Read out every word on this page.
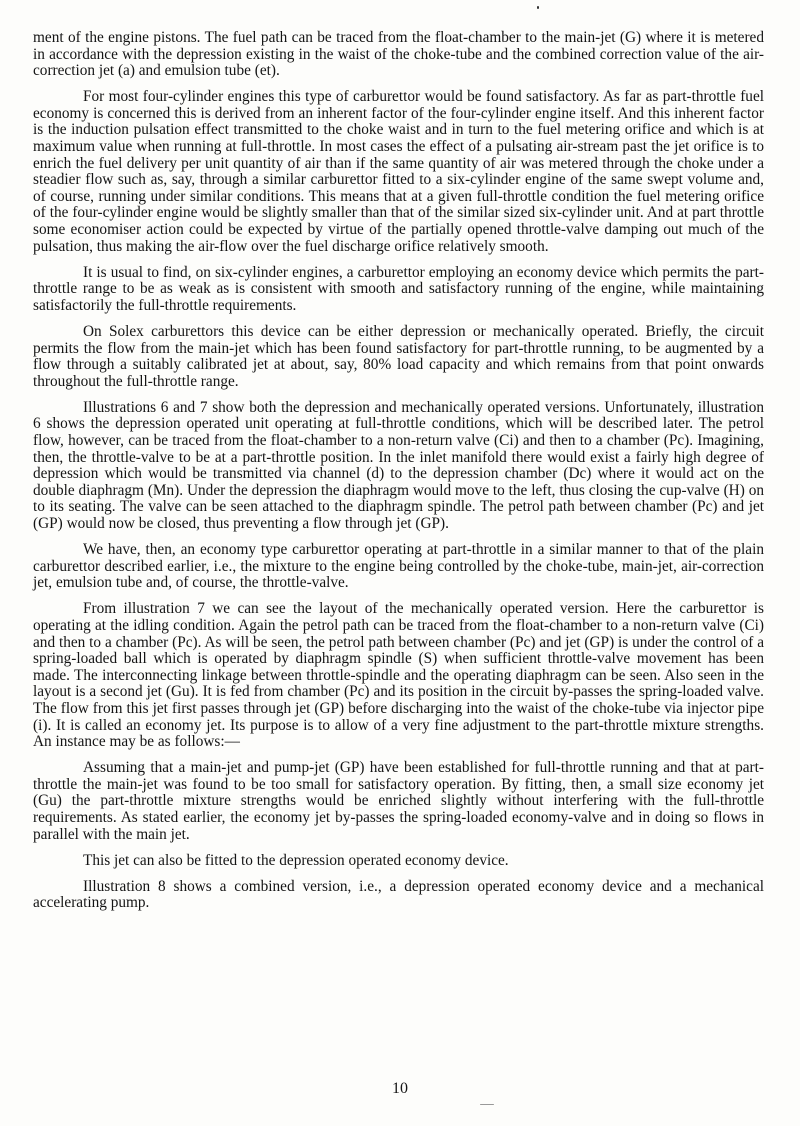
ment of the engine pistons. The fuel path can be traced from the float-chamber to the main-jet (G) where it is metered in accordance with the depression existing in the waist of the choke-tube and the combined correction value of the air-correction jet (a) and emulsion tube (et).

For most four-cylinder engines this type of carburettor would be found satisfactory. As far as part-throttle fuel economy is concerned this is derived from an inherent factor of the four-cylinder engine itself. And this inherent factor is the induction pulsation effect transmitted to the choke waist and in turn to the fuel metering orifice and which is at maximum value when running at full-throttle. In most cases the effect of a pulsating air-stream past the jet orifice is to enrich the fuel delivery per unit quantity of air than if the same quantity of air was metered through the choke under a steadier flow such as, say, through a similar carburettor fitted to a six-cylinder engine of the same swept volume and, of course, running under similar conditions. This means that at a given full-throttle condition the fuel metering orifice of the four-cylinder engine would be slightly smaller than that of the similar sized six-cylinder unit. And at part throttle some economiser action could be expected by virtue of the partially opened throttle-valve damping out much of the pulsation, thus making the air-flow over the fuel discharge orifice relatively smooth.

It is usual to find, on six-cylinder engines, a carburettor employing an economy device which permits the part-throttle range to be as weak as is consistent with smooth and satisfactory running of the engine, while maintaining satisfactorily the full-throttle requirements.

On Solex carburettors this device can be either depression or mechanically operated. Briefly, the circuit permits the flow from the main-jet which has been found satisfactory for part-throttle running, to be augmented by a flow through a suitably calibrated jet at about, say, 80% load capacity and which remains from that point onwards throughout the full-throttle range.

Illustrations 6 and 7 show both the depression and mechanically operated versions. Unfortunately, illustration 6 shows the depression operated unit operating at full-throttle conditions, which will be described later. The petrol flow, however, can be traced from the float-chamber to a non-return valve (Ci) and then to a chamber (Pc). Imagining, then, the throttle-valve to be at a part-throttle position. In the inlet manifold there would exist a fairly high degree of depression which would be transmitted via channel (d) to the depression chamber (Dc) where it would act on the double diaphragm (Mn). Under the depression the diaphragm would move to the left, thus closing the cup-valve (H) on to its seating. The valve can be seen attached to the diaphragm spindle. The petrol path between chamber (Pc) and jet (GP) would now be closed, thus preventing a flow through jet (GP).

We have, then, an economy type carburettor operating at part-throttle in a similar manner to that of the plain carburettor described earlier, i.e., the mixture to the engine being controlled by the choke-tube, main-jet, air-correction jet, emulsion tube and, of course, the throttle-valve.

From illustration 7 we can see the layout of the mechanically operated version. Here the carburettor is operating at the idling condition. Again the petrol path can be traced from the float-chamber to a non-return valve (Ci) and then to a chamber (Pc). As will be seen, the petrol path between chamber (Pc) and jet (GP) is under the control of a spring-loaded ball which is operated by diaphragm spindle (S) when sufficient throttle-valve movement has been made. The interconnecting linkage between throttle-spindle and the operating diaphragm can be seen. Also seen in the layout is a second jet (Gu). It is fed from chamber (Pc) and its position in the circuit by-passes the spring-loaded valve. The flow from this jet first passes through jet (GP) before discharging into the waist of the choke-tube via injector pipe (i). It is called an economy jet. Its purpose is to allow of a very fine adjustment to the part-throttle mixture strengths. An instance may be as follows:—

Assuming that a main-jet and pump-jet (GP) have been established for full-throttle running and that at part-throttle the main-jet was found to be too small for satisfactory operation. By fitting, then, a small size economy jet (Gu) the part-throttle mixture strengths would be enriched slightly without interfering with the full-throttle requirements. As stated earlier, the economy jet by-passes the spring-loaded economy-valve and in doing so flows in parallel with the main jet.

This jet can also be fitted to the depression operated economy device.

Illustration 8 shows a combined version, i.e., a depression operated economy device and a mechanical accelerating pump.

10
